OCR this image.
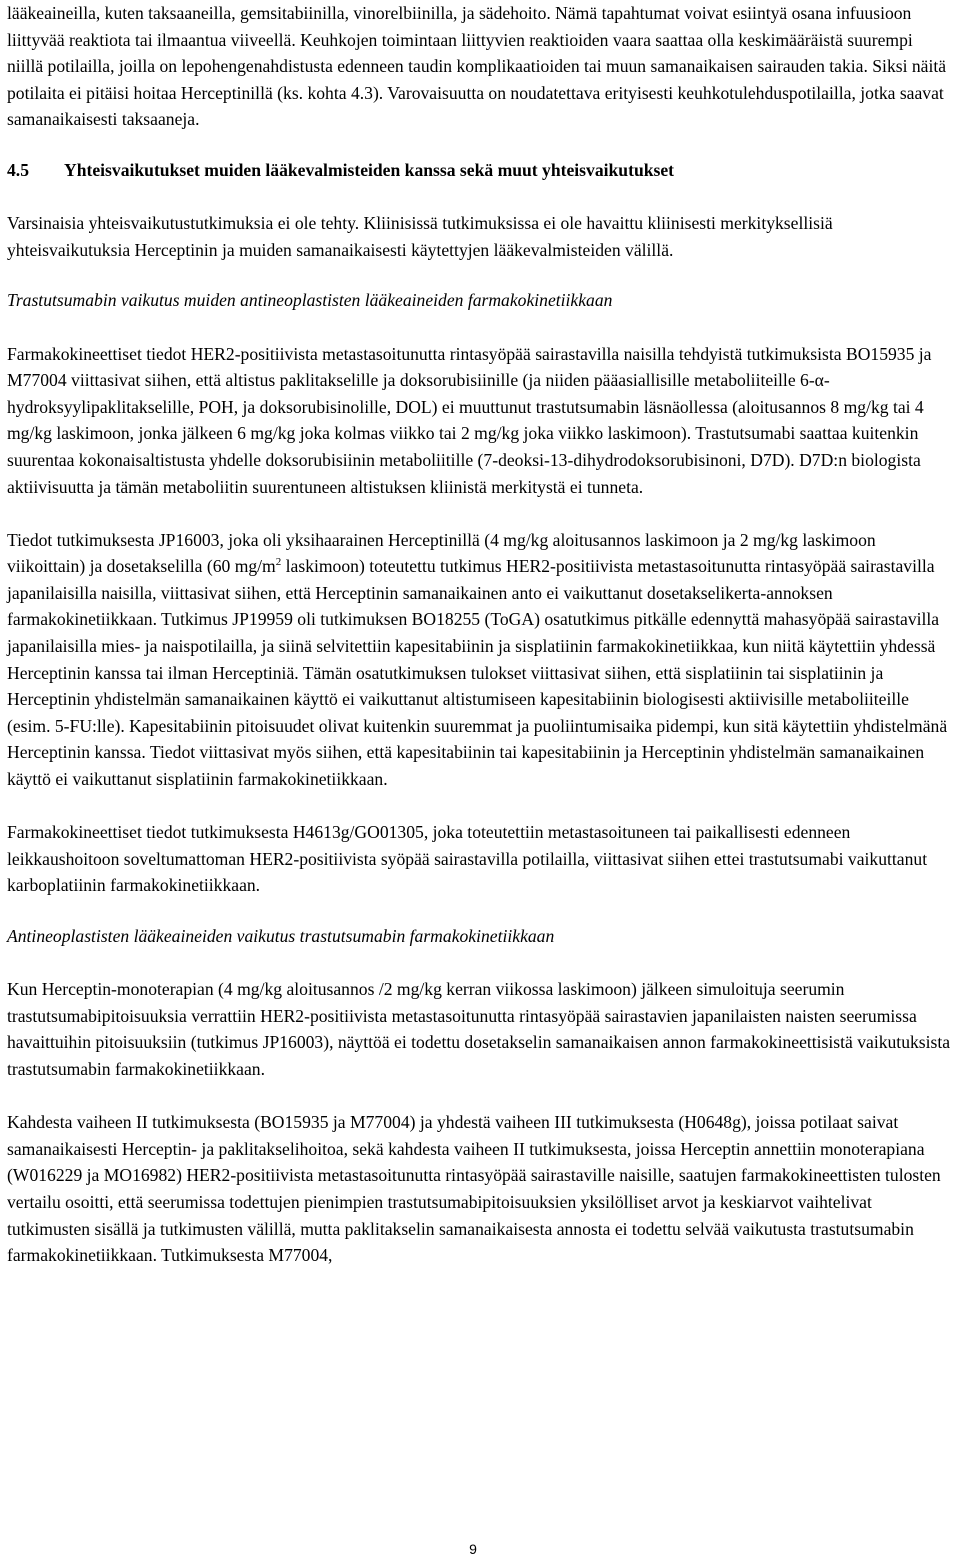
lääkeaineilla, kuten taksaaneilla, gemsitabiinilla, vinorelbiinilla, ja sädehoito. Nämä tapahtumat voivat esiintyä osana infuusioon liittyvää reaktiota tai ilmaantua viiveellä. Keuhkojen toimintaan liittyvien reaktioiden vaara saattaa olla keskimääräistä suurempi niillä potilailla, joilla on lepohengenahdistusta edenneen taudin komplikaatioiden tai muun samanaikaisen sairauden takia. Siksi näitä potilaita ei pitäisi hoitaa Herceptinillä (ks. kohta 4.3). Varovaisuutta on noudatettava erityisesti keuhkotulehduspotilailla, jotka saavat samanaikaisesti taksaaneja.

4.5 Yhteisvaikutukset muiden lääkevalmisteiden kanssa sekä muut yhteisvaikutukset

Varsinaisia yhteisvaikutustutkimuksia ei ole tehty. Kliinisissä tutkimuksissa ei ole havaittu kliinisesti merkityksellisiä yhteisvaikutuksia Herceptinin ja muiden samanaikaisesti käytettyjen lääkevalmisteiden välillä.

Trastutsumabin vaikutus muiden antineoplastisten lääkeaineiden farmakokinetiikkaan

Farmakokineettiset tiedot HER2-positiivista metastasoitunutta rintasyöpää sairastavilla naisilla tehdyistä tutkimuksista BO15935 ja M77004 viittasivat siihen, että altistus paklitakselille ja doksorubisiinille (ja niiden pääasiallisille metaboliiteille 6-α-hydroksyylipaklitakselille, POH, ja doksorubisinolille, DOL) ei muuttunut trastutsumabin läsnäollessa (aloitusannos 8 mg/kg tai 4 mg/kg laskimoon, jonka jälkeen 6 mg/kg joka kolmas viikko tai 2 mg/kg joka viikko laskimoon). Trastutsumabi saattaa kuitenkin suurentaa kokonaisaltistusta yhdelle doksorubisiinin metaboliitille (7-deoksi-13-dihydrodoksorubisinoni, D7D). D7D:n biologista aktiivisuutta ja tämän metaboliitin suurentuneen altistuksen kliinistä merkitystä ei tunneta.

Tiedot tutkimuksesta JP16003, joka oli yksihaarainen Herceptinillä (4 mg/kg aloitusannos laskimoon ja 2 mg/kg laskimoon viikoittain) ja dosetakselilla (60 $mg/m^2$ laskimoon) toteutettu tutkimus HER2-positiivista metastasoitunutta rintasyöpää sairastavilla japanilaisilla naisilla, viittasivat siihen, että Herceptinin samanaikainen anto ei vaikuttanut dosetakselikerta-annoksen farmakokinetiikkaan. Tutkimus JP19959 oli tutkimuksen BO18255 (ToGA) osatutkimus pitkälle edennyttä mahasyöpää sairastavilla japanilaisilla mies- ja naispotilailla, ja siinä selvitettiin kapesitabiinin ja sisplatiinin farmakokinetiikkaa, kun niitä käytettiin yhdessä Herceptinin kanssa tai ilman Herceptiniä. Tämän osatutkimuksen tulokset viittasivat siihen, että sisplatiinin tai sisplatiinin ja Herceptinin yhdistelmän samanaikainen käyttö ei vaikuttanut altistumiseen kapesitabiinin biologisesti aktiivisille metaboliiteille (esim. 5-FU:lle). Kapesitabiinin pitoisuudet olivat kuitenkin suuremmat ja puoliintumisaika pidempi, kun sitä käytettiin yhdistelmänä Herceptinin kanssa. Tiedot viittasivat myös siihen, että kapesitabiinin tai kapesitabiinin ja Herceptinin yhdistelmän samanaikainen käyttö ei vaikuttanut sisplatiinin farmakokinetiikkaan.

Farmakokineettiset tiedot tutkimuksesta H4613g/GO01305, joka toteutettiin metastasoituneen tai paikallisesti edenneen leikkaushoitoon soveltumattoman HER2-positiivista syöpää sairastavilla potilailla, viittasivat siihen ettei trastutsumabi vaikuttanut karboplatiinin farmakokinetiikkaan.

Antineoplastisten lääkeaineiden vaikutus trastutsumabin farmakokinetiikkaan

Kun Herceptin-monoterapian (4 mg/kg aloitusannos /2 mg/kg kerran viikossa laskimoon) jälkeen simuloituja seerumin trastutsumabipitoisuuksia verrattiin HER2-positiivista metastasoitunutta rintasyöpää sairastavien japanilaisten naisten seerumissa havaittuihin pitoisuuksiin (tutkimus JP16003), näyttöä ei todettu dosetakselin samanaikaisen annon farmakokineettisistä vaikutuksista trastutsumabin farmakokinetiikkaan.

Kahdesta vaiheen II tutkimuksesta (BO15935 ja M77004) ja yhdestä vaiheen III tutkimuksesta (H0648g), joissa potilaat saivat samanaikaisesti Herceptin- ja paklitakselihoitoa, sekä kahdesta vaiheen II tutkimuksesta, joissa Herceptin annettiin monoterapiana (W016229 ja MO16982) HER2-positiivista metastasoitunutta rintasyöpää sairastaville naisille, saatujen farmakokineettisten tulosten vertailu osoitti, että seerumissa todettujen pienimpien trastutsumabipitoisuuksien yksilölliset arvot ja keskiarvot vaihtelivat tutkimusten sisällä ja tutkimusten välillä, mutta paklitakselin samanaikaisesta annosta ei todettu selvää vaikutusta trastutsumabin farmakokinetiikkaan. Tutkimuksesta M77004,

9
